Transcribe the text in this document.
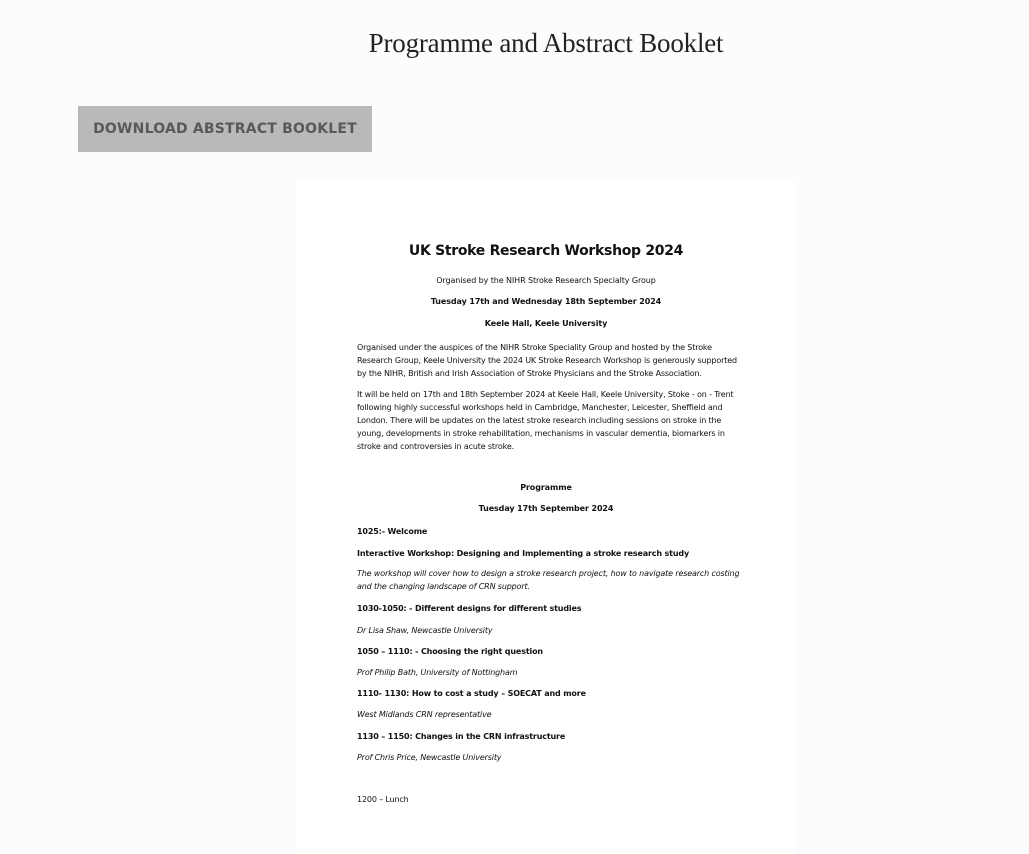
Programme and Abstract Booklet
DOWNLOAD ABSTRACT BOOKLET
UK Stroke Research Workshop 2024
Organised by the NIHR Stroke Research Specialty Group
Tuesday 17th and Wednesday 18th September 2024
Keele Hall, Keele University
Organised under the auspices of the NIHR Stroke Speciality Group and hosted by the Stroke Research Group, Keele University the 2024 UK Stroke Research Workshop is generously supported by the NIHR, British and Irish Association of Stroke Physicians and the Stroke Association.
It will be held on 17th and 18th September 2024 at Keele Hall, Keele University, Stoke - on - Trent following highly successful workshops held in Cambridge, Manchester, Leicester, Sheffield and London. There will be updates on the latest stroke research including sessions on stroke in the young, developments in stroke rehabilitation, mechanisms in vascular dementia, biomarkers in stroke and controversies in acute stroke.
Programme
Tuesday 17th September 2024
1025:- Welcome
Interactive Workshop: Designing and Implementing a stroke research study
The workshop will cover how to design a stroke research project, how to navigate research costing and the changing landscape of CRN support.
1030-1050: - Different designs for different studies
Dr Lisa Shaw, Newcastle University
1050 – 1110: - Choosing the right question
Prof Philip Bath, University of Nottingham
1110- 1130: How to cost a study – SOECAT and more
West Midlands CRN representative
1130 – 1150: Changes in the CRN infrastructure
Prof Chris Price, Newcastle University
1200 – Lunch
